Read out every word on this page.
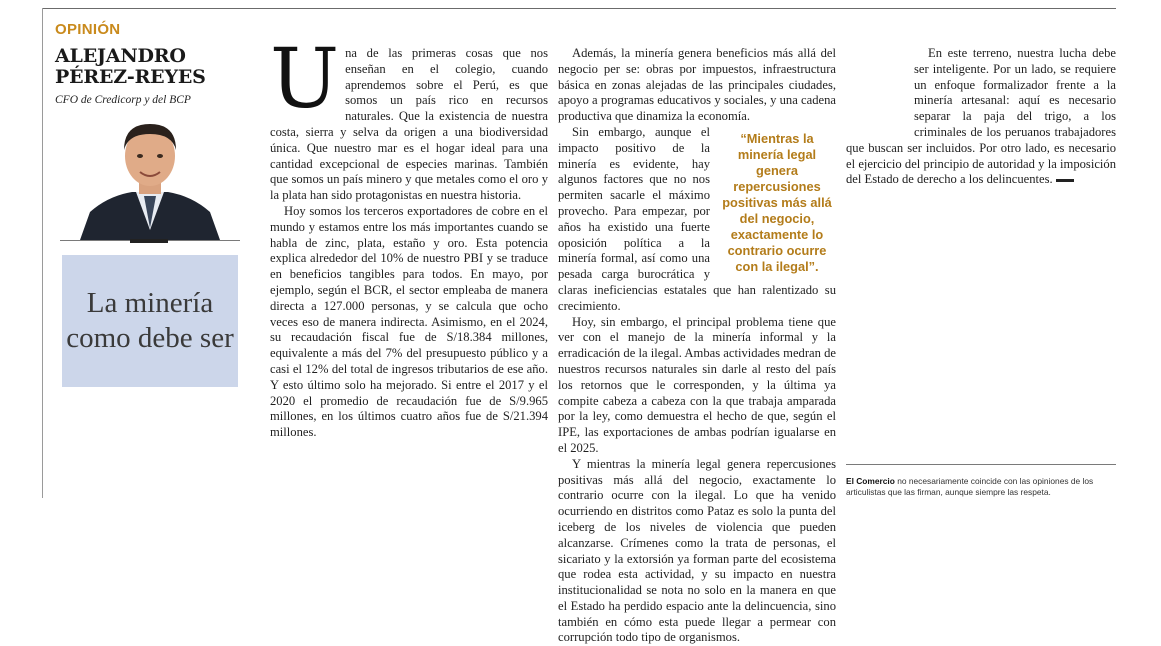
OPINIÓN
ALEJANDRO
PÉREZ-REYES
CFO de Credicorp y del BCP
La minería como debe ser

Una de las primeras cosas que nos enseñan en el colegio, cuando aprendemos sobre el Perú, es que somos un país rico en recursos naturales. Que la existencia de nuestra costa, sierra y selva da origen a una biodiversidad única. Que nuestro mar es el hogar ideal para una cantidad excepcional de especies marinas. También que somos un país minero y que metales como el oro y la plata han sido protagonistas en nuestra historia.

Hoy somos los terceros exportadores de cobre en el mundo y estamos entre los más importantes cuando se habla de zinc, plata, estaño y oro. Esta potencia explica alrededor del 10% de nuestro PBI y se traduce en beneficios tangibles para todos. En mayo, por ejemplo, según el BCR, el sector empleaba de manera directa a 127.000 personas, y se calcula que ocho veces eso de manera indirecta. Asimismo, en el 2024, su recaudación fiscal fue de S/18.384 millones, equivalente a más del 7% del presupuesto público y a casi el 12% del total de ingresos tributarios de ese año. Y esto último solo ha mejorado. Si entre el 2017 y el 2020 el promedio de recaudación fue de S/9.965 millones, en los últimos cuatro años fue de S/21.394 millones.

Además, la minería genera beneficios más allá del negocio per se: obras por impuestos, infraestructura básica en zonas alejadas de las principales ciudades, apoyo a programas educativos y sociales, y una cadena productiva que dinamiza la economía.

“Mientras la minería legal genera repercusiones positivas más allá del negocio, exactamente lo contrario ocurre con la ilegal”.

Sin embargo, aunque el impacto positivo de la minería es evidente, hay algunos factores que no nos permiten sacarle el máximo provecho. Para empezar, por años ha existido una fuerte oposición política a la minería formal, así como una pesada carga burocrática y claras ineficiencias estatales que han ralentizado su crecimiento.

Hoy, sin embargo, el principal problema tiene que ver con el manejo de la minería informal y la erradicación de la ilegal. Ambas actividades medran de nuestros recursos naturales sin darle al resto del país los retornos que le corresponden, y la última ya compite cabeza a cabeza con la que trabaja amparada por la ley, como demuestra el hecho de que, según el IPE, las exportaciones de ambas podrían igualarse en el 2025.

Y mientras la minería legal genera repercusiones positivas más allá del negocio, exactamente lo contrario ocurre con la ilegal. Lo que ha venido ocurriendo en distritos como Pataz es solo la punta del iceberg de los niveles de violencia que pueden alcanzarse. Crímenes como la trata de personas, el sicariato y la extorsión ya forman parte del ecosistema que rodea esta actividad, y su impacto en nuestra institucionalidad se nota no solo en la manera en que el Estado ha perdido espacio ante la delincuencia, sino también en cómo esta puede llegar a permear con corrupción todo tipo de organismos.

El Comercio no necesariamente coincide con las opiniones de los articulistas que las firman, aunque siempre las respeta.

En este terreno, nuestra lucha debe ser inteligente. Por un lado, se requiere un enfoque formalizador frente a la minería artesanal: aquí es necesario separar la paja del trigo, a los criminales de los peruanos trabajadores que buscan ser incluidos. Por otro lado, es necesario el ejercicio del principio de autoridad y la imposición del Estado de derecho a los delincuentes.
